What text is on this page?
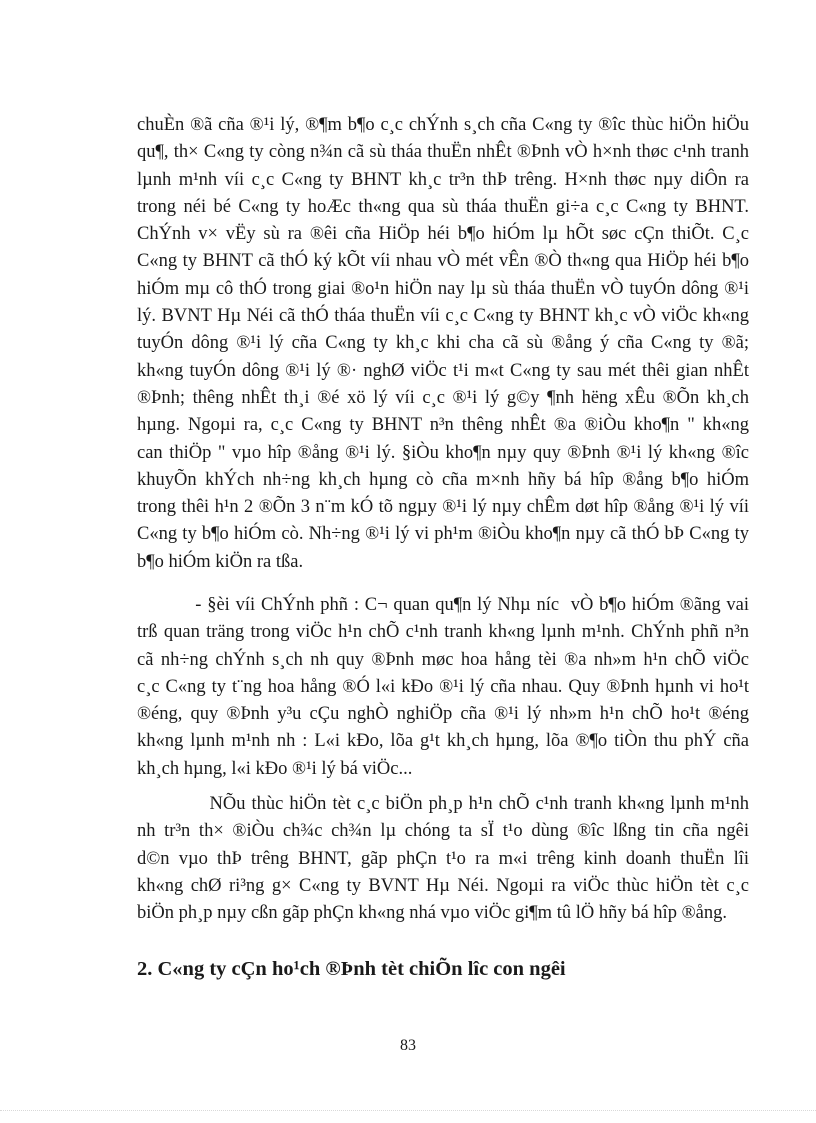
chuÈn ®ã cña ®¹i lý, ®¶m b¶o c¸c chÝnh s¸ch cña C«ng ty ®îc thùc hiÖn hiÖu
qu¶, th× C«ng ty còng n¾n cã sù tháa thuËn nhÊt ®Þnh vÒ h×nh thøc c¹nh tranh
lµnh m¹nh víi c¸c C«ng ty BHNT kh¸c tr³n thÞ trêng. H×nh thøc nµy diÔn ra
trong néi bé C«ng ty hoÆc th«ng qua sù tháa thuËn gi÷a c¸c C«ng ty BHNT.
ChÝnh v× vËy sù ra ®êi cña HiÖp héi b¶o hiÓm lµ hÕt søc cÇn thiÕt. C¸c
C«ng ty BHNT cã thÓ ký kÕt víi nhau vÒ mét vÊn ®Ò th«ng qua HiÖp héi b¶o
hiÓm mµ cô thÓ trong giai ®o¹n hiÖn nay lµ sù tháa thuËn vÒ tuyÓn dông ®¹i
lý. BVNT Hµ Néi cã thÓ tháa thuËn víi c¸c C«ng ty BHNT kh¸c vÒ viÖc kh«ng
tuyÓn dông ®¹i lý cña C«ng ty kh¸c khi cha cã sù ®ång ý cña C«ng ty ®ã;
kh«ng tuyÓn dông ®¹i lý ®· nghØ viÖc t¹i m«t C«ng ty sau mét thêi gian nhÊt
®Þnh; thêng nhÊt th¸i ®é xö lý víi c¸c ®¹i lý g©y ¶nh hëng xÊu ®Õn kh¸ch
hµng. Ngoµi ra, c¸c C«ng ty BHNT n³n thêng nhÊt ®a ®iÒu kho¶n " kh«ng
can thiÖp " vµo hîp ®ång ®¹i lý. §iÒu kho¶n nµy quy ®Þnh ®¹i lý kh«ng ®îc
khuyÕn khÝch nh÷ng kh¸ch hµng cò cña m×nh hñy bá hîp ®ång b¶o hiÓm
trong thêi h¹n 2 ®Õn 3 n¨m kÓ tõ ngµy ®¹i lý nµy chÊm døt hîp ®ång ®¹i lý víi
C«ng ty b¶o hiÓm cò. Nh÷ng ®¹i lý vi ph¹m ®iÒu kho¶n nµy cã thÓ bÞ C«ng ty
b¶o hiÓm kiÖn ra tßa.
- §èi víi ChÝnh phñ : C¬ quan qu¶n lý Nhµ níc  vÒ b¶o hiÓm ®ãng vai
trß quan träng trong viÖc h¹n chÕ c¹nh tranh kh«ng lµnh m¹nh. ChÝnh phñ n³n
cã nh÷ng chÝnh s¸ch nh quy ®Þnh møc hoa hång tèi ®a nh»m h¹n chÕ viÖc
c¸c C«ng ty t¨ng hoa hång ®Ó l«i kÐo ®¹i lý cña nhau. Quy ®Þnh hµnh vi ho¹t
®éng, quy ®Þnh y³u cÇu nghÒ nghiÖp cña ®¹i lý nh»m h¹n chÕ ho¹t ®éng
kh«ng lµnh m¹nh nh : L«i kÐo, lõa g¹t kh¸ch hµng, lõa ®¶o tiÒn thu phÝ cña
kh¸ch hµng, l«i kÐo ®¹i lý bá viÖc...
NÕu thùc hiÖn tèt c¸c biÖn ph¸p h¹n chÕ c¹nh tranh kh«ng lµnh m¹nh
nh tr³n th× ®iÒu ch¾c ch¾n lµ chóng ta sÏ t¹o dùng ®îc lßng tin cña ngêi
d©n vµo thÞ trêng BHNT, gãp phÇn t¹o ra m«i trêng kinh doanh thuËn lîi
kh«ng chØ ri³ng g× C«ng ty BVNT Hµ Néi. Ngoµi ra viÖc thùc hiÖn tèt c¸c
biÖn ph¸p nµy cßn gãp phÇn kh«ng nhá vµo viÖc gi¶m tû lÖ hñy bá hîp ®ång.
2. C«ng ty cÇn ho¹ch ®Þnh tèt chiÕn lîc con ngêi
83
